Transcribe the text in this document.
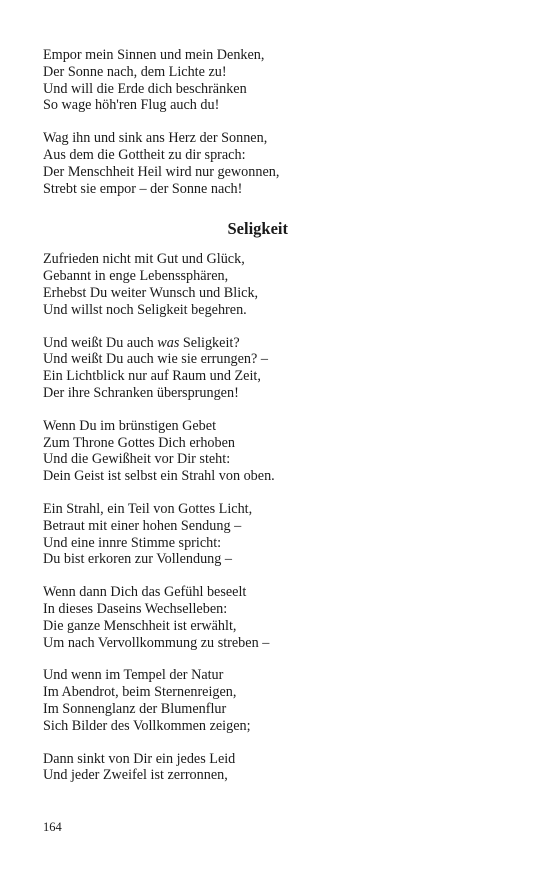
Empor mein Sinnen und mein Denken,
Der Sonne nach, dem Lichte zu!
Und will die Erde dich beschränken
So wage höh'ren Flug auch du!
Wag ihn und sink ans Herz der Sonnen,
Aus dem die Gottheit zu dir sprach:
Der Menschheit Heil wird nur gewonnen,
Strebt sie empor – der Sonne nach!
Seligkeit
Zufrieden nicht mit Gut und Glück,
Gebannt in enge Lebenssphären,
Erhebst Du weiter Wunsch und Blick,
Und willst noch Seligkeit begehren.
Und weißt Du auch was Seligkeit?
Und weißt Du auch wie sie errungen? –
Ein Lichtblick nur auf Raum und Zeit,
Der ihre Schranken übersprungen!
Wenn Du im brünstigen Gebet
Zum Throne Gottes Dich erhoben
Und die Gewißheit vor Dir steht:
Dein Geist ist selbst ein Strahl von oben.
Ein Strahl, ein Teil von Gottes Licht,
Betraut mit einer hohen Sendung –
Und eine innre Stimme spricht:
Du bist erkoren zur Vollendung –
Wenn dann Dich das Gefühl beseelt
In dieses Daseins Wechselleben:
Die ganze Menschheit ist erwählt,
Um nach Vervollkommung zu streben –
Und wenn im Tempel der Natur
Im Abendrot, beim Sternenreigen,
Im Sonnenglanz der Blumenflur
Sich Bilder des Vollkommen zeigen;
Dann sinkt von Dir ein jedes Leid
Und jeder Zweifel ist zerronnen,
164
